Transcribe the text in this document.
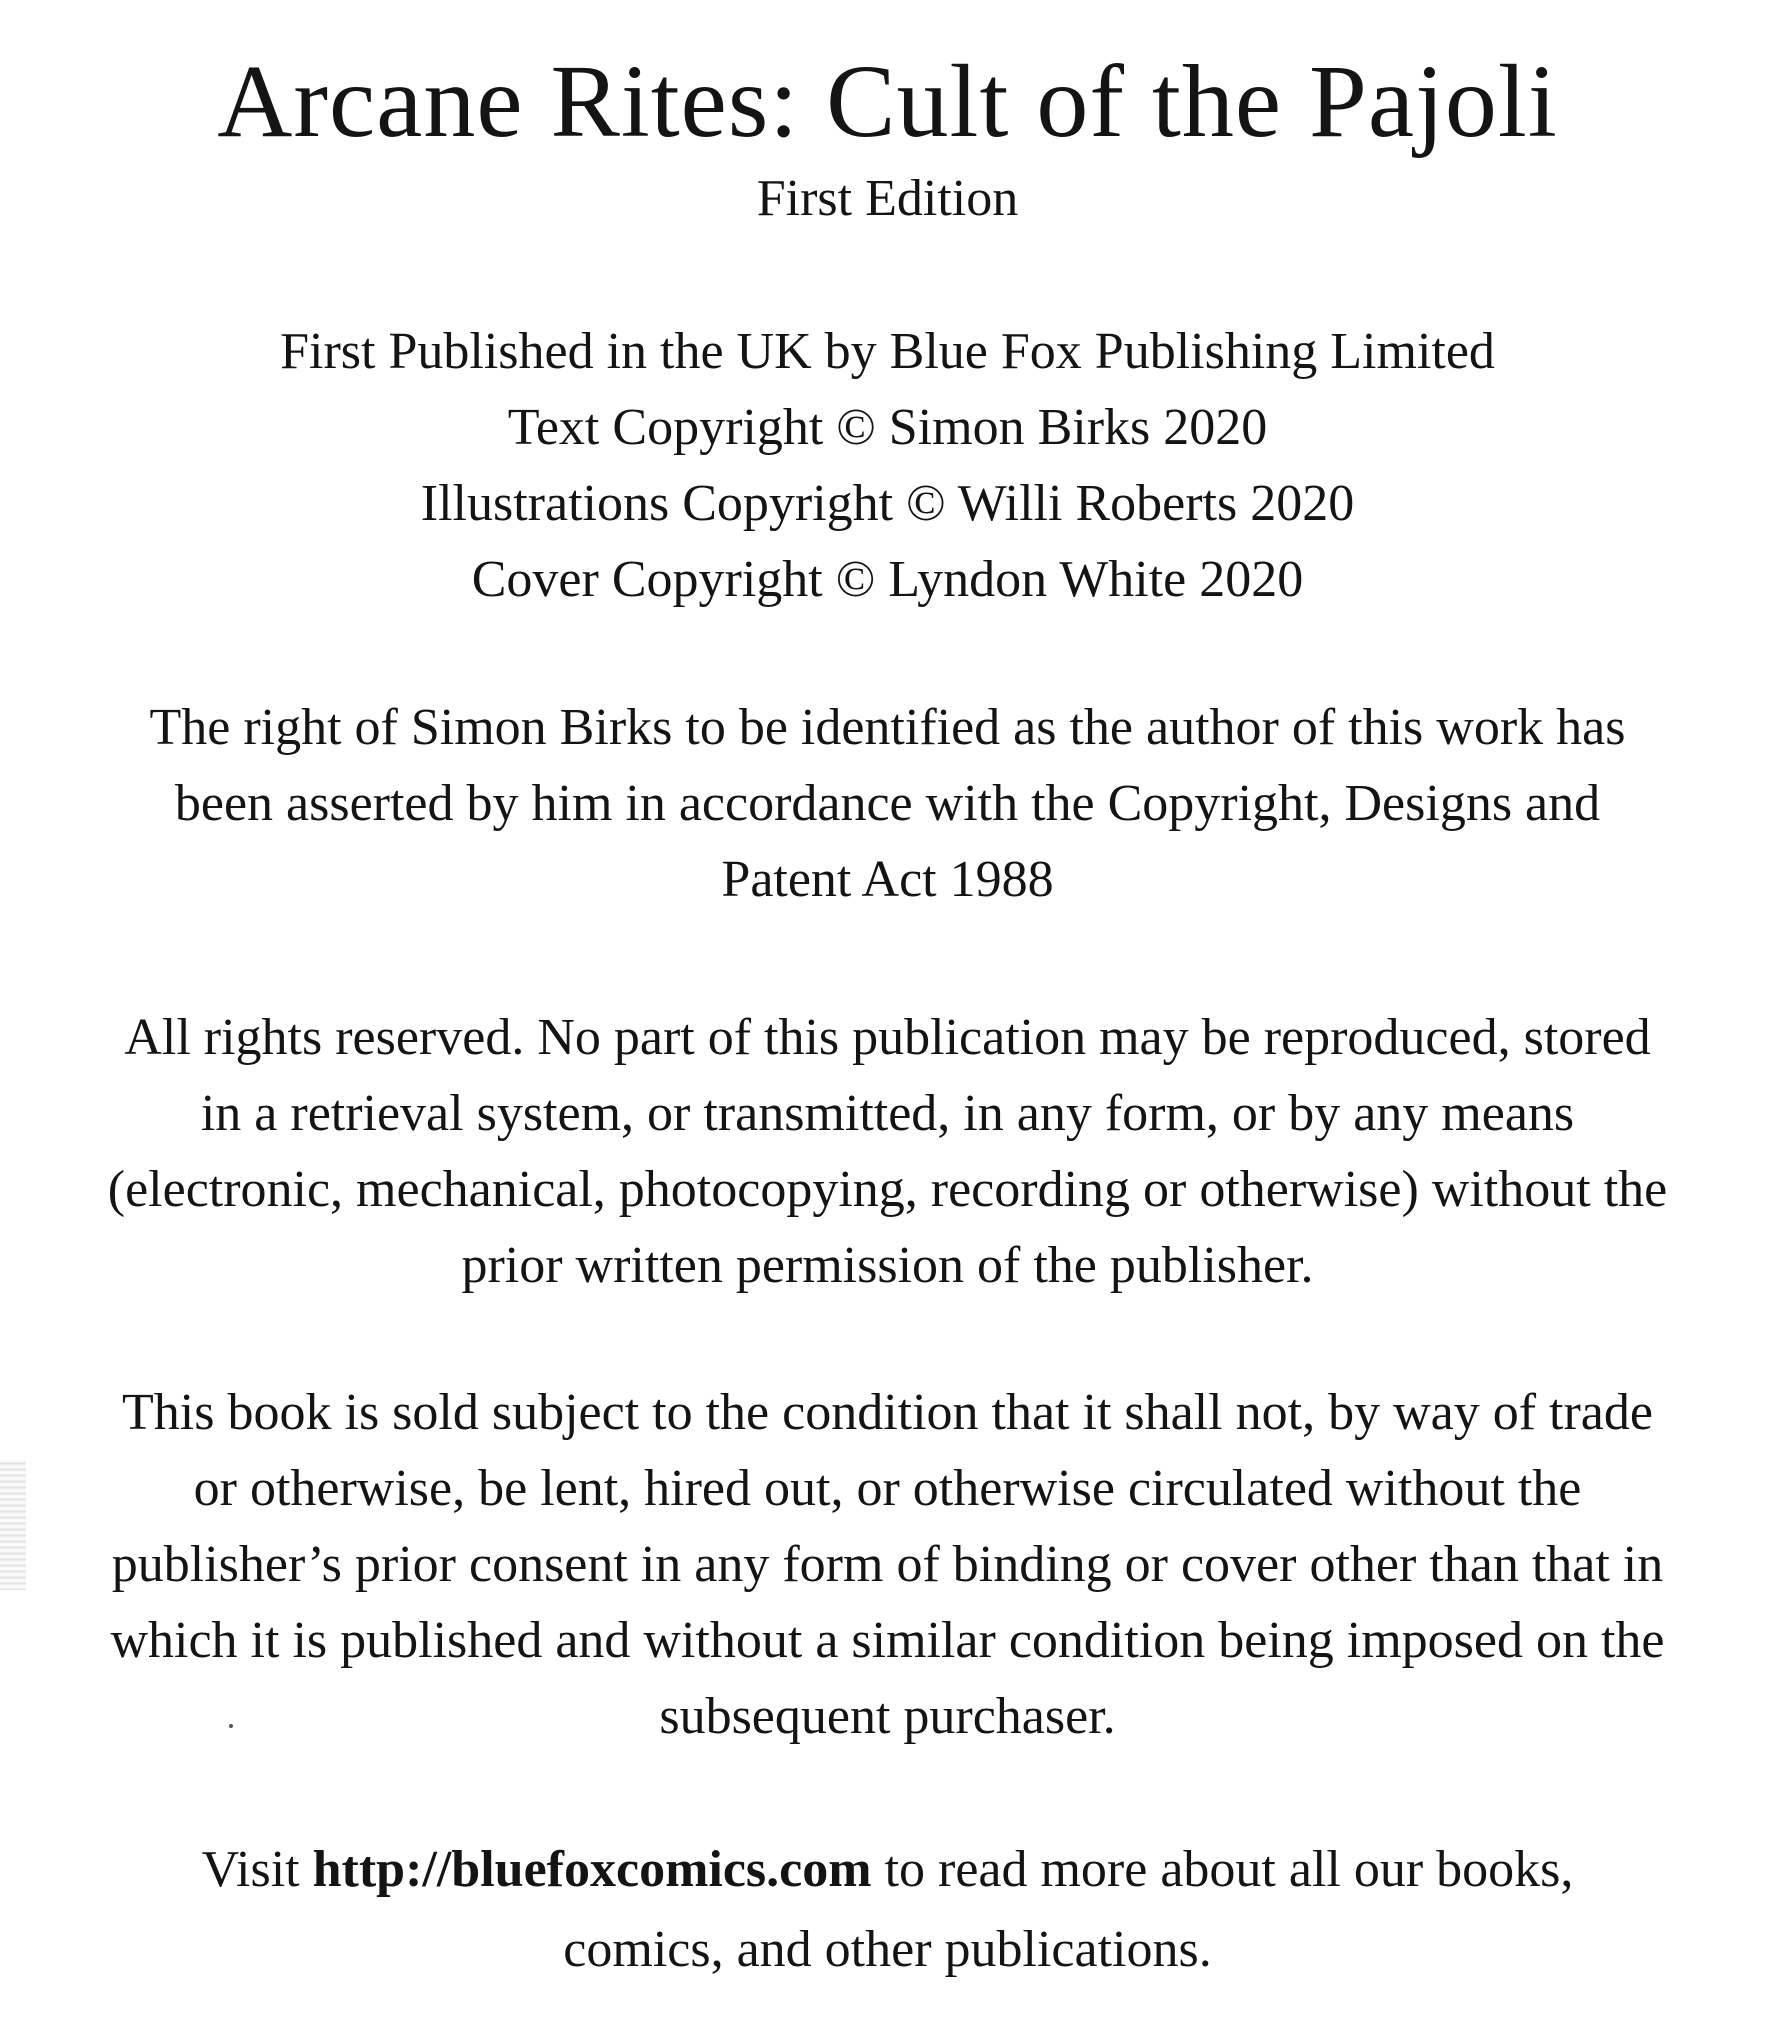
Arcane Rites: Cult of the Pajoli
First Edition
First Published in the UK by Blue Fox Publishing Limited
Text Copyright © Simon Birks 2020
Illustrations Copyright © Willi Roberts 2020
Cover Copyright © Lyndon White 2020
The right of Simon Birks to be identified as the author of this work has
been asserted by him in accordance with the Copyright, Designs and
Patent Act 1988
All rights reserved. No part of this publication may be reproduced, stored
in a retrieval system, or transmitted, in any form, or by any means
(electronic, mechanical, photocopying, recording or otherwise) without the
prior written permission of the publisher.
This book is sold subject to the condition that it shall not, by way of trade
or otherwise, be lent, hired out, or otherwise circulated without the
publisher’s prior consent in any form of binding or cover other than that in
which it is published and without a similar condition being imposed on the
subsequent purchaser.
Visit http://bluefoxcomics.com to read more about all our books,
comics, and other publications.
